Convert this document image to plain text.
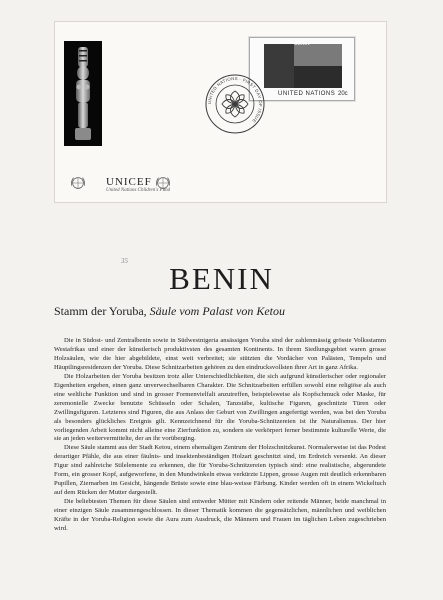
UNICEF
United Nations Children's Fund
BENIN
UNITED NATIONS 20c
UNITED NATIONS · FIRST DAY OF ISSUE
35	BENIN
Stamm der Yoruba, Säule vom Palast von Ketou

Die in Südost- und Zentralbenin sowie in Südwestnigeria ansässigen Yoruba sind der zahlenmässig grösste Volksstamm Westafrikas und einer der künstlerisch produktivsten des gesamten Kontinents. In ihrem Siedlungsgebiet waren grosse Holzsäulen, wie die hier abgebildete, einst weit verbreitet; sie stützten die Vordächer von Palästen, Tempeln und Häuptlingsresidenzen der Yoruba. Diese Schnitzarbeiten gehören zu den eindrucksvollsten ihrer Art in ganz Afrika.

Die Holzarbeiten der Yoruba besitzen trotz aller Unterschiedlichkeiten, die sich aufgrund künstlerischer oder regionaler Eigenheiten ergeben, einen ganz unverwechselbaren Charakter. Die Schnitzarbeiten erfüllen sowohl eine religiöse als auch eine weltliche Funktion und sind in grosser Formenvielfalt anzutreffen, beispielsweise als Kopfschmuck oder Maske, für zeremonielle Zwecke benutzte Schüsseln oder Schalen, Tanzstäbe, kultische Figuren, geschnitzte Türen oder Zwillingsfiguren. Letzteres sind Figuren, die aus Anlass der Geburt von Zwillingen angefertigt werden, was bei den Yoruba als besonders glückliches Ereignis gilt. Kennzeichnend für die Yoruba-Schnitzereien ist ihr Naturalismus. Der hier vorliegenden Arbeit kommt nicht alleine eine Zierfunktion zu, sondern sie verkörpert ferner bestimmte kulturelle Werte, die sie an jeden weitervermittelte, der an ihr vorüberging.

Diese Säule stammt aus der Stadt Ketou, einem ehemaligen Zentrum der Holzschnitzkunst. Normalerweise ist das Podest derartiger Pfähle, die aus einer fäulnis- und insektenbeständigen Holzart geschnitzt sind, im Erdreich versenkt. An dieser Figur sind zahlreiche Stilelemente zu erkennen, die für Yoruba-Schnitzereien typisch sind: eine realistische, abgerundete Form, ein grosser Kopf, aufgeworfene, in den Mundwinkeln etwas verkürzte Lippen, grosse Augen mit deutlich erkennbaren Pupillen, Ziernarben im Gesicht, hängende Brüste sowie eine blau-weisse Färbung. Kinder werden oft in einem Wickeltuch auf dem Rücken der Mutter dargestellt.

Die beliebtesten Themen für diese Säulen sind entweder Mütter mit Kindern oder reitende Männer, beide manchmal in einer einzigen Säule zusammengeschlossen. In dieser Thematik kommen die gegensätzlichen, männlichen und weiblichen Kräfte in der Yoruba-Religion sowie die Aura zum Ausdruck, die Männern und Frauen im täglichen Leben zugeschrieben wird.
